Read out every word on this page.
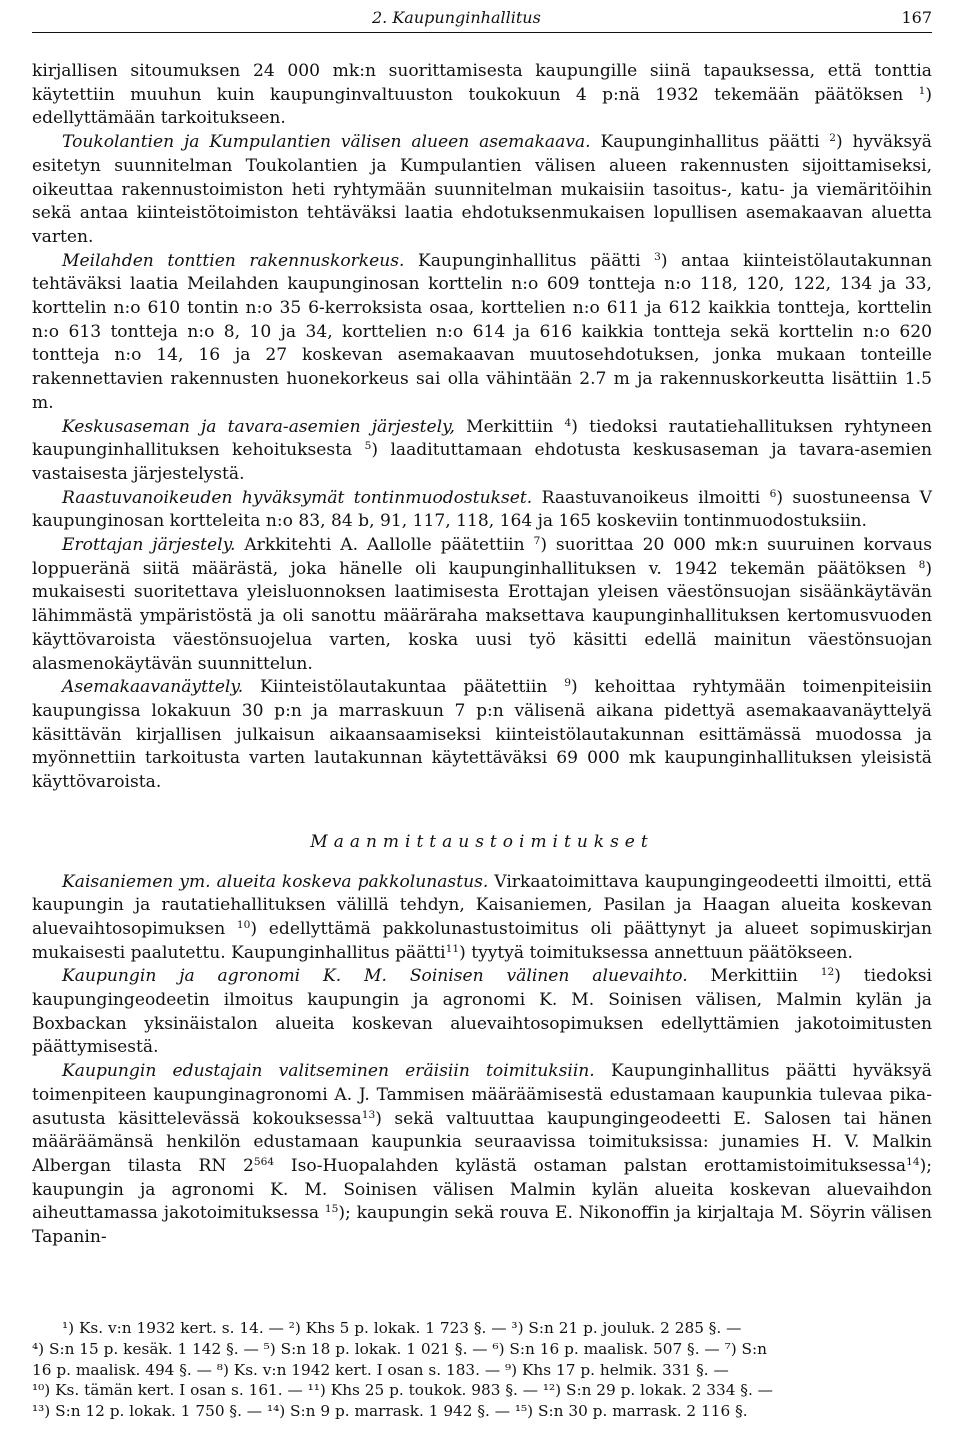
2. Kaupunginhallitus	167

kirjallisen sitoumuksen 24 000 mk:n suorittamisesta kaupungille siinä tapauksessa, että tonttia käytettiin muuhun kuin kaupunginvaltuuston toukokuun 4 p:nä 1932 tekemään päätöksen $^1$) edellyttämään tarkoitukseen.

Toukolantien ja Kumpulantien välisen alueen asemakaava. Kaupunginhallitus päätti $^2$) hyväksyä esitetyn suunnitelman Toukolantien ja Kumpulantien välisen alueen rakennusten sijoittamiseksi, oikeuttaa rakennustoimiston heti ryhtymään suunnitelman mukaisiin tasoitus-, katu- ja viemäritöihin sekä antaa kiinteistötoimiston tehtäväksi laatia ehdotuksenmukaisen lopullisen asemakaavan aluetta varten.

Meilahden tonttien rakennuskorkeus. Kaupunginhallitus päätti $^3$) antaa kiinteistölautakunnan tehtäväksi laatia Meilahden kaupunginosan korttelin n:o 609 tontteja n:o 118, 120, 122, 134 ja 33, korttelin n:o 610 tontin n:o 35 6-kerroksista osaa, korttelien n:o 611 ja 612 kaikkia tontteja, korttelin n:o 613 tontteja n:o 8, 10 ja 34, korttelien n:o 614 ja 616 kaikkia tontteja sekä korttelin n:o 620 tontteja n:o 14, 16 ja 27 koskevan asemakaavan muutosehdotuksen, jonka mukaan tonteille rakennettavien rakennusten huonekorkeus sai olla vähintään 2.7 m ja rakennuskorkeutta lisättiin 1.5 m.

Keskusaseman ja tavara-asemien järjestely, Merkittiin $^4$) tiedoksi rautatiehallituksen ryhtyneen kaupunginhallituksen kehoituksesta $^5$) laadituttamaan ehdotusta keskusaseman ja tavara-asemien vastaisesta järjestelystä.

Raastuvanoikeuden hyväksymät tontinmuodostukset. Raastuvanoikeus ilmoitti $^6$) suostuneensa V kaupunginosan kortteleita n:o 83, 84 b, 91, 117, 118, 164 ja 165 koskeviin tontinmuodostuksiin.

Erottajan järjestely. Arkkitehti A. Aallolle päätettiin $^7$) suorittaa 20 000 mk:n suuruinen korvaus loppueränä siitä määrästä, joka hänelle oli kaupunginhallituksen v. 1942 tekemän päätöksen $^8$) mukaisesti suoritettava yleisluonnoksen laatimisesta Erottajan yleisen väestönsuojan sisäänkäytävän lähimmästä ympäristöstä ja oli sanottu määräraha maksettava kaupunginhallituksen kertomusvuoden käyttövaroista väestönsuojelua varten, koska uusi työ käsitti edellä mainitun väestönsuojan alasmenokäytävän suunnittelun.

Asemakaavanäyttely. Kiinteistölautakuntaa päätettiin $^9$) kehoittaa ryhtymään toimenpiteisiin kaupungissa lokakuun 30 p:n ja marraskuun 7 p:n välisenä aikana pidettyä asemakaavanäyttelyä käsittävän kirjallisen julkaisun aikaansaamiseksi kiinteistölautakunnan esittämässä muodossa ja myönnettiin tarkoitusta varten lautakunnan käytettäväksi 69 000 mk kaupunginhallituksen yleisistä käyttövaroista.

Maanmittaustoimitukset

Kaisaniemen ym. alueita koskeva pakkolunastus. Virkaatoimittava kaupungingeodeetti ilmoitti, että kaupungin ja rautatiehallituksen välillä tehdyn, Kaisaniemen, Pasilan ja Haagan alueita koskevan aluevaihtosopimuksen $^{10}$) edellyttämä pakkolunastustoimitus oli päättynyt ja alueet sopimuskirjan mukaisesti paalutettu. Kaupunginhallitus päätti$^{11}$) tyytyä toimituksessa annettuun päätökseen.

Kaupungin ja agronomi K. M. Soinisen välinen aluevaihto. Merkittiin $^{12}$) tiedoksi kaupungingeodeetin ilmoitus kaupungin ja agronomi K. M. Soinisen välisen, Malmin kylän ja Boxbackan yksinäistalon alueita koskevan aluevaihtosopimuksen edellyttämien jakotoimitusten päättymisestä.

Kaupungin edustajain valitseminen eräisiin toimituksiin. Kaupunginhallitus päätti hyväksyä toimenpiteen kaupunginagronomi A. J. Tammisen määräämisestä edustamaan kaupunkia tulevaa pika-asutusta käsittelevässä kokouksessa$^{13}$) sekä valtuuttaa kaupungingeodeetti E. Salosen tai hänen määräämänsä henkilön edustamaan kaupunkia seuraavissa toimituksissa: junamies H. V. Malkin Albergan tilasta RN $2^{564}$ Iso-Huopalahden kylästä ostaman palstan erottamistoimituksessa$^{14}$); kaupungin ja agronomi K. M. Soinisen välisen Malmin kylän alueita koskevan aluevaihdon aiheuttamassa jakotoimituksessa $^{15}$); kaupungin sekä rouva E. Nikonoffin ja kirjaltaja M. Söyrin välisen Tapanin-

¹) Ks. v:n 1932 kert. s. 14. — ²) Khs 5 p. lokak. 1 723 §. — ³) S:n 21 p. jouluk. 2 285 §. —

⁴) S:n 15 p. kesäk. 1 142 §. — ⁵) S:n 18 p. lokak. 1 021 §. — ⁶) S:n 16 p. maalisk. 507 §. — ⁷) S:n

16 p. maalisk. 494 §. — ⁸) Ks. v:n 1942 kert. I osan s. 183. — ⁹) Khs 17 p. helmik. 331 §. —

¹⁰) Ks. tämän kert. I osan s. 161. — ¹¹) Khs 25 p. toukok. 983 §. — ¹²) S:n 29 p. lokak. 2 334 §. —

¹³) S:n 12 p. lokak. 1 750 §. — ¹⁴) S:n 9 p. marrask. 1 942 §. — ¹⁵) S:n 30 p. marrask. 2 116 §.
